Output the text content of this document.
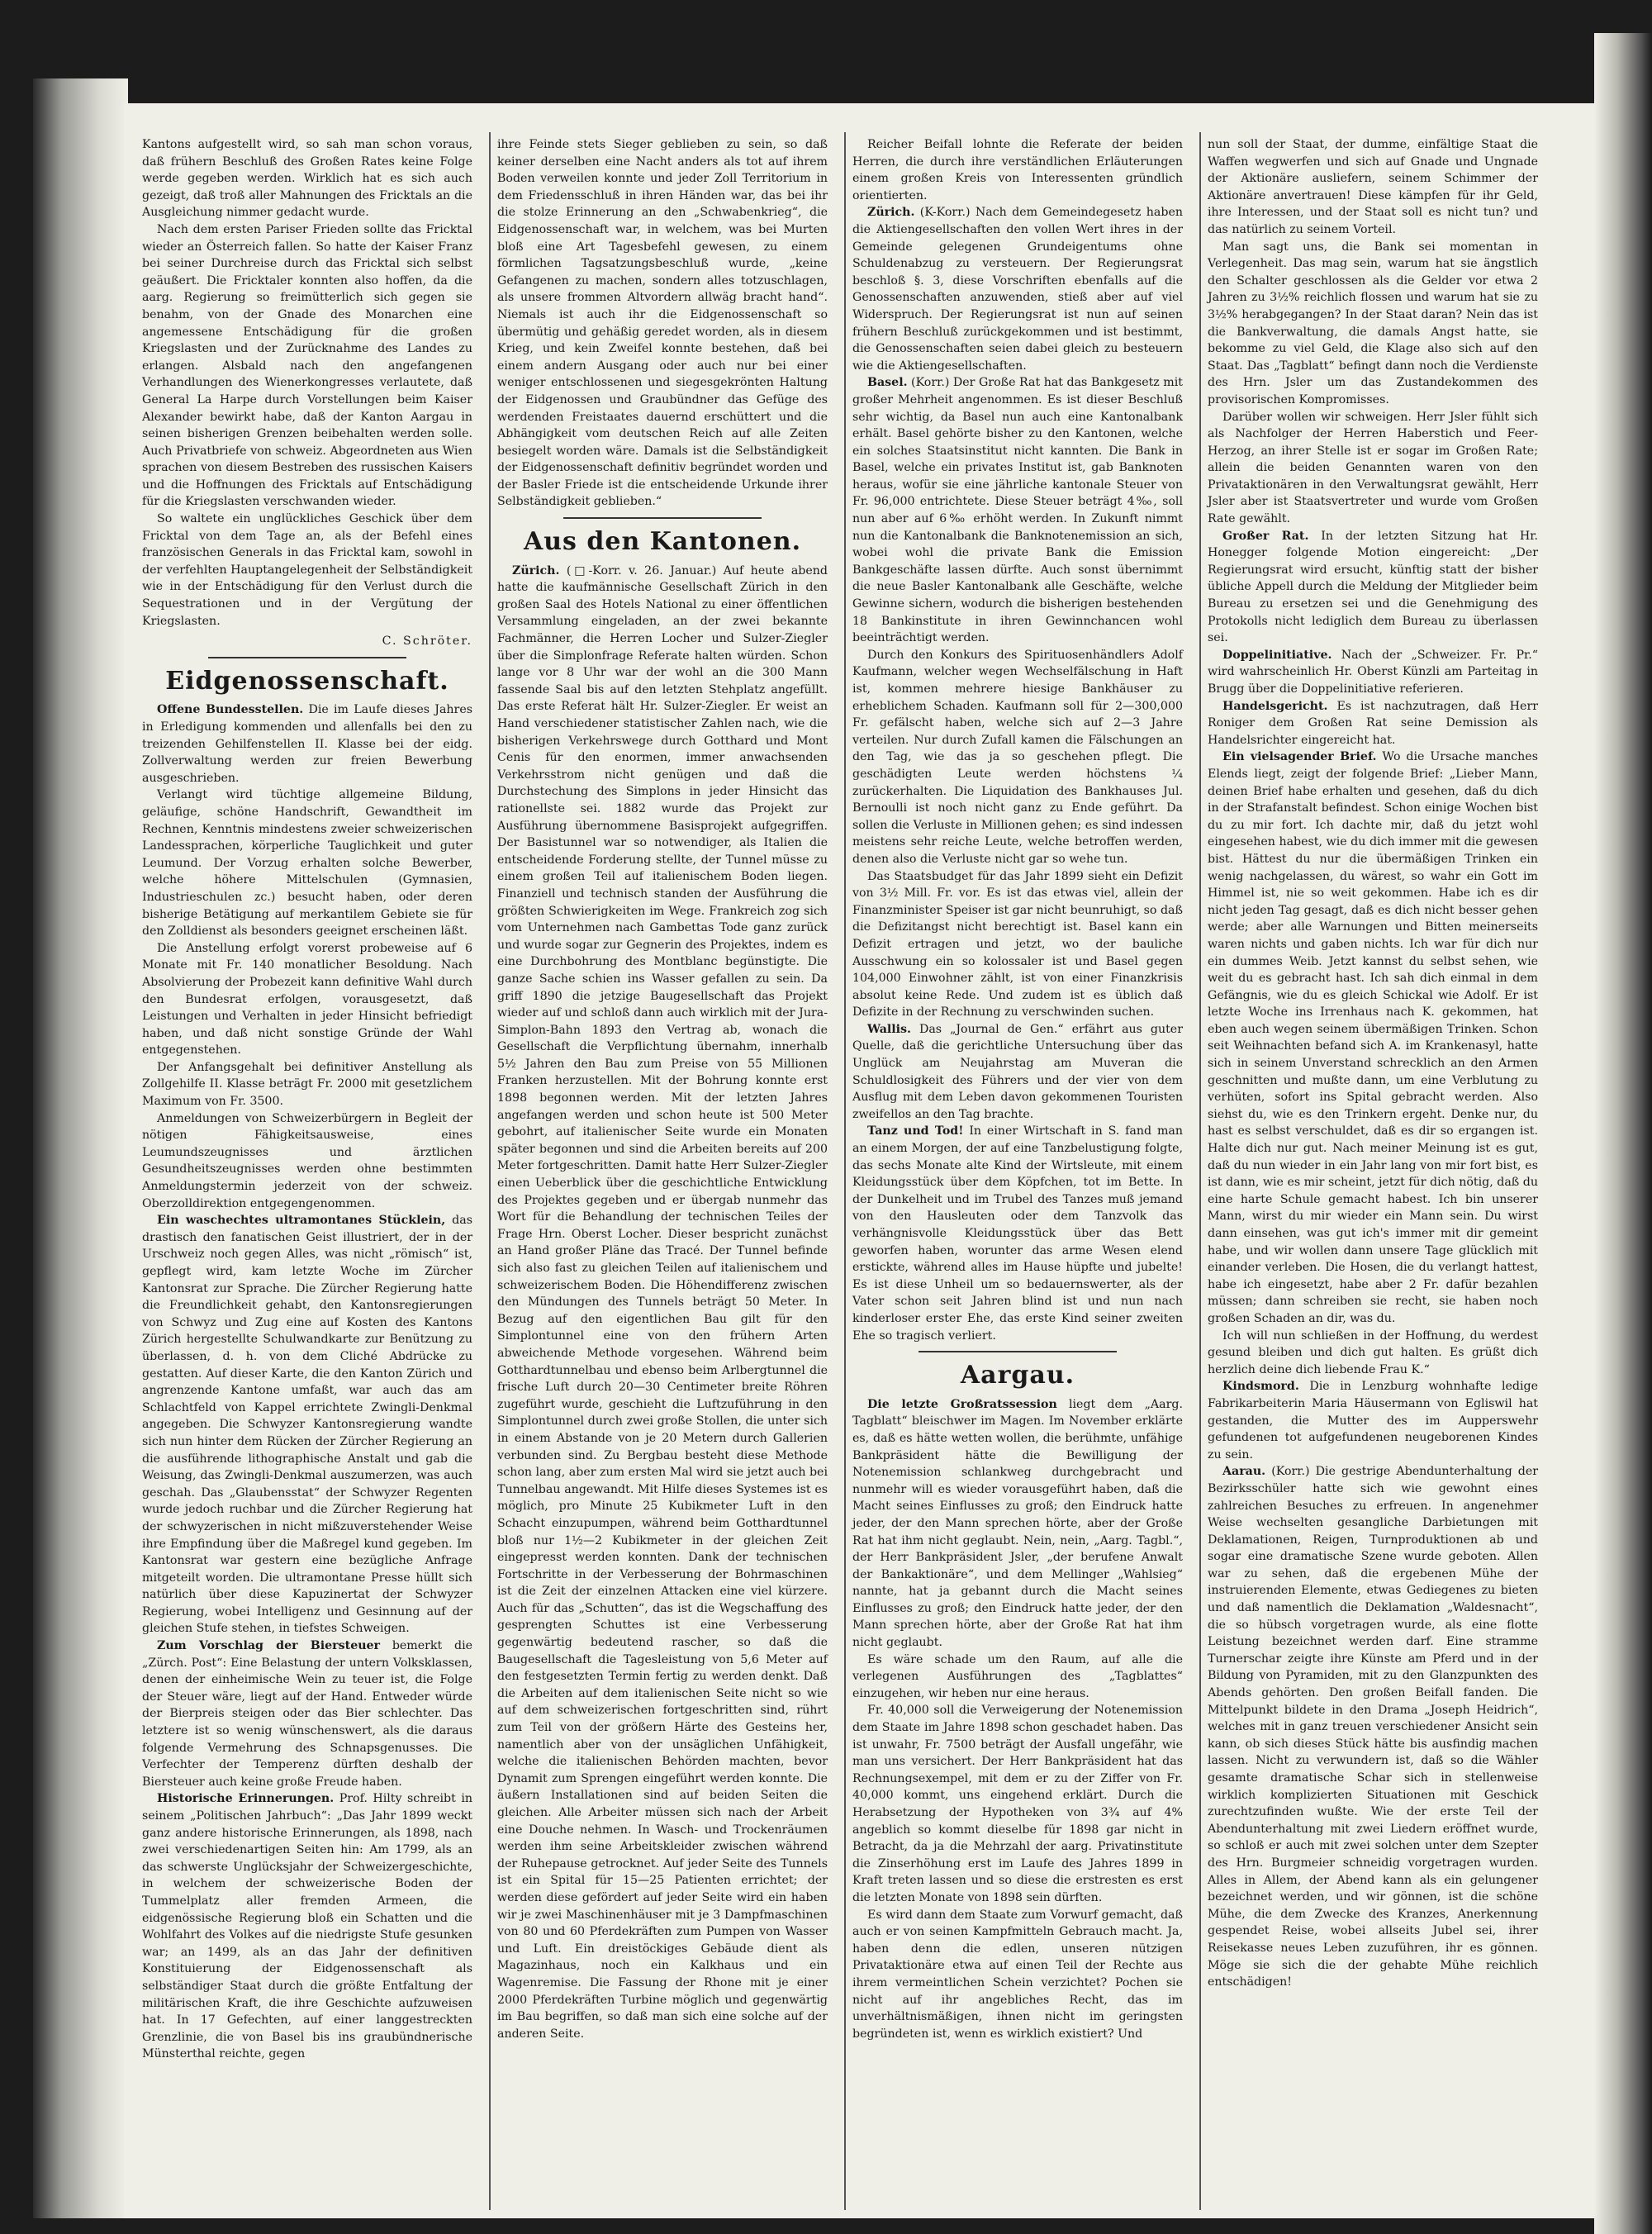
Kantons aufgestellt wird, so sah man schon voraus, daß frühern Beschluß des Großen Rates keine Folge werde gegeben werden. Wirklich hat es sich auch gezeigt, daß troß aller Mahnungen des Fricktals an die Ausgleichung nimmer gedacht wurde.

Nach dem ersten Pariser Frieden sollte das Fricktal wieder an Österreich fallen. So hatte der Kaiser Franz bei seiner Durchreise durch das Fricktal sich selbst geäußert. Die Fricktaler konnten also hoffen, da die aarg. Regierung so freimütterlich sich gegen sie benahm, von der Gnade des Monarchen eine angemessene Entschädigung für die großen Kriegslasten und der Zurücknahme des Landes zu erlangen. Alsbald nach den angefangenen Verhandlungen des Wienerkongresses verlautete, daß General La Harpe durch Vorstellungen beim Kaiser Alexander bewirkt habe, daß der Kanton Aargau in seinen bisherigen Grenzen beibehalten werden solle. Auch Privatbriefe von schweiz. Abgeordneten aus Wien sprachen von diesem Bestreben des russischen Kaisers und die Hoffnungen des Fricktals auf Entschädigung für die Kriegslasten verschwanden wieder.

So waltete ein unglückliches Geschick über dem Fricktal von dem Tage an, als der Befehl eines französischen Generals in das Fricktal kam, sowohl in der verfehlten Hauptangelegenheit der Selbständigkeit wie in der Entschädigung für den Verlust durch die Sequestrationen und in der Vergütung der Kriegslasten.

C. Schröter.
Eidgenossenschaft.

Offene Bundesstellen. Die im Laufe dieses Jahres in Erledigung kommenden und allenfalls bei den zu treizenden Gehilfenstellen II. Klasse bei der eidg. Zollverwaltung werden zur freien Bewerbung ausgeschrieben.

Verlangt wird tüchtige allgemeine Bildung, geläufige, schöne Handschrift, Gewandtheit im Rechnen, Kenntnis mindestens zweier schweizerischen Landessprachen, körperliche Tauglichkeit und guter Leumund. Der Vorzug erhalten solche Bewerber, welche höhere Mittelschulen (Gymnasien, Industrieschulen zc.) besucht haben, oder deren bisherige Betätigung auf merkantilem Gebiete sie für den Zolldienst als besonders geeignet erscheinen läßt.

Die Anstellung erfolgt vorerst probeweise auf 6 Monate mit Fr. 140 monatlicher Besoldung. Nach Absolvierung der Probezeit kann definitive Wahl durch den Bundesrat erfolgen, vorausgesetzt, daß Leistungen und Verhalten in jeder Hinsicht befriedigt haben, und daß nicht sonstige Gründe der Wahl entgegenstehen.

Der Anfangsgehalt bei definitiver Anstellung als Zollgehilfe II. Klasse beträgt Fr. 2000 mit gesetzlichem Maximum von Fr. 3500.

Anmeldungen von Schweizerbürgern in Begleit der nötigen Fähigkeitsausweise, eines Leumundszeugnisses und ärztlichen Gesundheitszeugnisses werden ohne bestimmten Anmeldungstermin jederzeit von der schweiz. Oberzolldirektion entgegengenommen.

Ein waschechtes ultramontanes Stücklein, das drastisch den fanatischen Geist illustriert, der in der Urschweiz noch gegen Alles, was nicht „römisch“ ist, gepflegt wird, kam letzte Woche im Zürcher Kantonsrat zur Sprache. Die Zürcher Regierung hatte die Freundlichkeit gehabt, den Kantonsregierungen von Schwyz und Zug eine auf Kosten des Kantons Zürich hergestellte Schulwandkarte zur Benützung zu überlassen, d. h. von dem Cliché Abdrücke zu gestatten. Auf dieser Karte, die den Kanton Zürich und angrenzende Kantone umfaßt, war auch das am Schlachtfeld von Kappel errichtete Zwingli-Denkmal angegeben. Die Schwyzer Kantonsregierung wandte sich nun hinter dem Rücken der Zürcher Regierung an die ausführende lithographische Anstalt und gab die Weisung, das Zwingli-Denkmal auszumerzen, was auch geschah. Das „Glaubensstat“ der Schwyzer Regenten wurde jedoch ruchbar und die Zürcher Regierung hat der schwyzerischen in nicht mißzuverstehender Weise ihre Empfindung über die Maßregel kund gegeben. Im Kantonsrat war gestern eine bezügliche Anfrage mitgeteilt worden. Die ultramontane Presse hüllt sich natürlich über diese Kapuzinertat der Schwyzer Regierung, wobei Intelligenz und Gesinnung auf der gleichen Stufe stehen, in tiefstes Schweigen.

Zum Vorschlag der Biersteuer bemerkt die „Zürch. Post“: Eine Belastung der untern Volksklassen, denen der einheimische Wein zu teuer ist, die Folge der Steuer wäre, liegt auf der Hand. Entweder würde der Bierpreis steigen oder das Bier schlechter. Das letztere ist so wenig wünschenswert, als die daraus folgende Vermehrung des Schnapsgenusses. Die Verfechter der Temperenz dürften deshalb der Biersteuer auch keine große Freude haben.

Historische Erinnerungen. Prof. Hilty schreibt in seinem „Politischen Jahrbuch“: „Das Jahr 1899 weckt ganz andere historische Erinnerungen, als 1898, nach zwei verschiedenartigen Seiten hin: Am 1799, als an das schwerste Unglücksjahr der Schweizergeschichte, in welchem der schweizerische Boden der Tummelplatz aller fremden Armeen, die eidgenössische Regierung bloß ein Schatten und die Wohlfahrt des Volkes auf die niedrigste Stufe gesunken war; an 1499, als an das Jahr der definitiven Konstituierung der Eidgenossenschaft als selbständiger Staat durch die größte Entfaltung der militärischen Kraft, die ihre Geschichte aufzuweisen hat. In 17 Gefechten, auf einer langgestreckten Grenzlinie, die von Basel bis ins graubündnerische Münsterthal reichte, gegen

ihre Feinde stets Sieger geblieben zu sein, so daß keiner derselben eine Nacht anders als tot auf ihrem Boden verweilen konnte und jeder Zoll Territorium in dem Friedensschluß in ihren Händen war, das bei ihr die stolze Erinnerung an den „Schwabenkrieg“, die Eidgenossenschaft war, in welchem, was bei Murten bloß eine Art Tagesbefehl gewesen, zu einem förmlichen Tagsatzungsbeschluß wurde, „keine Gefangenen zu machen, sondern alles totzuschlagen, als unsere frommen Altvordern allwäg bracht hand“. Niemals ist auch ihr die Eidgenossenschaft so übermütig und gehäßig geredet worden, als in diesem Krieg, und kein Zweifel konnte bestehen, daß bei einem andern Ausgang oder auch nur bei einer weniger entschlossenen und siegesgekrönten Haltung der Eidgenossen und Graubündner das Gefüge des werdenden Freistaates dauernd erschüttert und die Abhängigkeit vom deutschen Reich auf alle Zeiten besiegelt worden wäre. Damals ist die Selbständigkeit der Eidgenossenschaft definitiv begründet worden und der Basler Friede ist die entscheidende Urkunde ihrer Selbständigkeit geblieben.“

Aus den Kantonen.

Zürich. (□-Korr. v. 26. Januar.) Auf heute abend hatte die kaufmännische Gesellschaft Zürich in den großen Saal des Hotels National zu einer öffentlichen Versammlung eingeladen, an der zwei bekannte Fachmänner, die Herren Locher und Sulzer-Ziegler über die Simplonfrage Referate halten würden. Schon lange vor 8 Uhr war der wohl an die 300 Mann fassende Saal bis auf den letzten Stehplatz angefüllt. Das erste Referat hält Hr. Sulzer-Ziegler. Er weist an Hand verschiedener statistischer Zahlen nach, wie die bisherigen Verkehrswege durch Gotthard und Mont Cenis für den enormen, immer anwachsenden Verkehrsstrom nicht genügen und daß die Durchstechung des Simplons in jeder Hinsicht das rationellste sei. 1882 wurde das Projekt zur Ausführung übernommene Basisprojekt aufgegriffen. Der Basistunnel war so notwendiger, als Italien die entscheidende Forderung stellte, der Tunnel müsse zu einem großen Teil auf italienischem Boden liegen. Finanziell und technisch standen der Ausführung die größten Schwierigkeiten im Wege. Frankreich zog sich vom Unternehmen nach Gambettas Tode ganz zurück und wurde sogar zur Gegnerin des Projektes, indem es eine Durchbohrung des Montblanc begünstigte. Die ganze Sache schien ins Wasser gefallen zu sein. Da griff 1890 die jetzige Baugesellschaft das Projekt wieder auf und schloß dann auch wirklich mit der Jura-Simplon-Bahn 1893 den Vertrag ab, wonach die Gesellschaft die Verpflichtung übernahm, innerhalb 5½ Jahren den Bau zum Preise von 55 Millionen Franken herzustellen. Mit der Bohrung konnte erst 1898 begonnen werden. Mit der letzten Jahres angefangen werden und schon heute ist 500 Meter gebohrt, auf italienischer Seite wurde ein Monaten später begonnen und sind die Arbeiten bereits auf 200 Meter fortgeschritten. Damit hatte Herr Sulzer-Ziegler einen Ueberblick über die geschichtliche Entwicklung des Projektes gegeben und er übergab nunmehr das Wort für die Behandlung der technischen Teiles der Frage Hrn. Oberst Locher. Dieser bespricht zunächst an Hand großer Pläne das Tracé. Der Tunnel befinde sich also fast zu gleichen Teilen auf italienischem und schweizerischem Boden. Die Höhendifferenz zwischen den Mündungen des Tunnels beträgt 50 Meter. In Bezug auf den eigentlichen Bau gilt für den Simplontunnel eine von den frühern Arten abweichende Methode vorgesehen. Während beim Gotthardtunnelbau und ebenso beim Arlbergtunnel die frische Luft durch 20—30 Centimeter breite Röhren zugeführt wurde, geschieht die Luftzuführung in den Simplontunnel durch zwei große Stollen, die unter sich in einem Abstande von je 20 Metern durch Gallerien verbunden sind. Zu Bergbau besteht diese Methode schon lang, aber zum ersten Mal wird sie jetzt auch bei Tunnelbau angewandt. Mit Hilfe dieses Systemes ist es möglich, pro Minute 25 Kubikmeter Luft in den Schacht einzupumpen, während beim Gotthardtunnel bloß nur 1½—2 Kubikmeter in der gleichen Zeit eingepresst werden konnten. Dank der technischen Fortschritte in der Verbesserung der Bohrmaschinen ist die Zeit der einzelnen Attacken eine viel kürzere. Auch für das „Schutten“, das ist die Wegschaffung des gesprengten Schuttes ist eine Verbesserung gegenwärtig bedeutend rascher, so daß die Baugesellschaft die Tagesleistung von 5,6 Meter auf den festgesetzten Termin fertig zu werden denkt. Daß die Arbeiten auf dem italienischen Seite nicht so wie auf dem schweizerischen fortgeschritten sind, rührt zum Teil von der größern Härte des Gesteins her, namentlich aber von der unsäglichen Unfähigkeit, welche die italienischen Behörden machten, bevor Dynamit zum Sprengen eingeführt werden konnte. Die äußern Installationen sind auf beiden Seiten die gleichen. Alle Arbeiter müssen sich nach der Arbeit eine Douche nehmen. In Wasch- und Trockenräumen werden ihm seine Arbeitskleider zwischen während der Ruhepause getrocknet. Auf jeder Seite des Tunnels ist ein Spital für 15—25 Patienten errichtet; der werden diese gefördert auf jeder Seite wird ein haben wir je zwei Maschinenhäuser mit je 3 Dampfmaschinen von 80 und 60 Pferdekräften zum Pumpen von Wasser und Luft. Ein dreistöckiges Gebäude dient als Magazinhaus, noch ein Kalkhaus und ein Wagenremise. Die Fassung der Rhone mit je einer 2000 Pferdekräften Turbine möglich und gegenwärtig im Bau begriffen, so daß man sich eine solche auf der anderen Seite.

Reicher Beifall lohnte die Referate der beiden Herren, die durch ihre verständlichen Erläuterungen einem großen Kreis von Interessenten gründlich orientierten.

Zürich. (K-Korr.) Nach dem Gemeindegesetz haben die Aktiengesellschaften den vollen Wert ihres in der Gemeinde gelegenen Grundeigentums ohne Schuldenabzug zu versteuern. Der Regierungsrat beschloß §. 3, diese Vorschriften ebenfalls auf die Genossenschaften anzuwenden, stieß aber auf viel Widerspruch. Der Regierungsrat ist nun auf seinen frühern Beschluß zurückgekommen und ist bestimmt, die Genossenschaften seien dabei gleich zu besteuern wie die Aktiengesellschaften.

Basel. (Korr.) Der Große Rat hat das Bankgesetz mit großer Mehrheit angenommen. Es ist dieser Beschluß sehr wichtig, da Basel nun auch eine Kantonalbank erhält. Basel gehörte bisher zu den Kantonen, welche ein solches Staatsinstitut nicht kannten. Die Bank in Basel, welche ein privates Institut ist, gab Banknoten heraus, wofür sie eine jährliche kantonale Steuer von Fr. 96,000 entrichtete. Diese Steuer beträgt 4‰, soll nun aber auf 6‰ erhöht werden. In Zukunft nimmt nun die Kantonalbank die Banknotenemission an sich, wobei wohl die private Bank die Emission Bankgeschäfte lassen dürfte. Auch sonst übernimmt die neue Basler Kantonalbank alle Geschäfte, welche Gewinne sichern, wodurch die bisherigen bestehenden 18 Bankinstitute in ihren Gewinnchancen wohl beeinträchtigt werden.

Durch den Konkurs des Spirituosenhändlers Adolf Kaufmann, welcher wegen Wechselfälschung in Haft ist, kommen mehrere hiesige Bankhäuser zu erheblichem Schaden. Kaufmann soll für 2—300,000 Fr. gefälscht haben, welche sich auf 2—3 Jahre verteilen. Nur durch Zufall kamen die Fälschungen an den Tag, wie das ja so geschehen pflegt. Die geschädigten Leute werden höchstens ¼ zurückerhalten. Die Liquidation des Bankhauses Jul. Bernoulli ist noch nicht ganz zu Ende geführt. Da sollen die Verluste in Millionen gehen; es sind indessen meistens sehr reiche Leute, welche betroffen werden, denen also die Verluste nicht gar so wehe tun.

Das Staatsbudget für das Jahr 1899 sieht ein Defizit von 3½ Mill. Fr. vor. Es ist das etwas viel, allein der Finanzminister Speiser ist gar nicht beunruhigt, so daß die Defizitangst nicht berechtigt ist. Basel kann ein Defizit ertragen und jetzt, wo der bauliche Ausschwung ein so kolossaler ist und Basel gegen 104,000 Einwohner zählt, ist von einer Finanzkrisis absolut keine Rede. Und zudem ist es üblich daß Defizite in der Rechnung zu verschwinden suchen.

Wallis. Das „Journal de Gen.“ erfährt aus guter Quelle, daß die gerichtliche Untersuchung über das Unglück am Neujahrstag am Muveran die Schuldlosigkeit des Führers und der vier von dem Ausflug mit dem Leben davon gekommenen Touristen zweifellos an den Tag brachte.

Tanz und Tod! In einer Wirtschaft in S. fand man an einem Morgen, der auf eine Tanzbelustigung folgte, das sechs Monate alte Kind der Wirtsleute, mit einem Kleidungsstück über dem Köpfchen, tot im Bette. In der Dunkelheit und im Trubel des Tanzes muß jemand von den Hausleuten oder dem Tanzvolk das verhängnisvolle Kleidungsstück über das Bett geworfen haben, worunter das arme Wesen elend erstickte, während alles im Hause hüpfte und jubelte! Es ist diese Unheil um so bedauernswerter, als der Vater schon seit Jahren blind ist und nun nach kinderloser erster Ehe, das erste Kind seiner zweiten Ehe so tragisch verliert.

Aargau.

Die letzte Großratssession liegt dem „Aarg. Tagblatt“ bleischwer im Magen. Im November erklärte es, daß es hätte wetten wollen, die berühmte, unfähige Bankpräsident hätte die Bewilligung der Notenemission schlankweg durchgebracht und nunmehr will es wieder vorausgeführt haben, daß die Macht seines Einflusses zu groß; den Eindruck hatte jeder, der den Mann sprechen hörte, aber der Große Rat hat ihm nicht geglaubt. Nein, nein, „Aarg. Tagbl.“, der Herr Bankpräsident Jsler, „der berufene Anwalt der Bankaktionäre“, und dem Mellinger „Wahlsieg“ nannte, hat ja gebannt durch die Macht seines Einflusses zu groß; den Eindruck hatte jeder, der den Mann sprechen hörte, aber der Große Rat hat ihm nicht geglaubt.

Es wäre schade um den Raum, auf alle die verlegenen Ausführungen des „Tagblattes“ einzugehen, wir heben nur eine heraus.

Fr. 40,000 soll die Verweigerung der Notenemission dem Staate im Jahre 1898 schon geschadet haben. Das ist unwahr, Fr. 7500 beträgt der Ausfall ungefähr, wie man uns versichert. Der Herr Bankpräsident hat das Rechnungsexempel, mit dem er zu der Ziffer von Fr. 40,000 kommt, uns eingehend erklärt. Durch die Herabsetzung der Hypotheken von 3¾ auf 4% angeblich so kommt dieselbe für 1898 gar nicht in Betracht, da ja die Mehrzahl der aarg. Privatinstitute die Zinserhöhung erst im Laufe des Jahres 1899 in Kraft treten lassen und so diese die erstresten es erst die letzten Monate von 1898 sein dürften.

Es wird dann dem Staate zum Vorwurf gemacht, daß auch er von seinen Kampfmitteln Gebrauch macht. Ja, haben denn die edlen, unseren nützigen Privataktionäre etwa auf einen Teil der Rechte aus ihrem vermeintlichen Schein verzichtet? Pochen sie nicht auf ihr angebliches Recht, das im unverhältnismäßigen, ihnen nicht im geringsten begründeten ist, wenn es wirklich existiert? Und

nun soll der Staat, der dumme, einfältige Staat die Waffen wegwerfen und sich auf Gnade und Ungnade der Aktionäre ausliefern, seinem Schimmer der Aktionäre anvertrauen! Diese kämpfen für ihr Geld, ihre Interessen, und der Staat soll es nicht tun? und das natürlich zu seinem Vorteil.

Man sagt uns, die Bank sei momentan in Verlegenheit. Das mag sein, warum hat sie ängstlich den Schalter geschlossen als die Gelder vor etwa 2 Jahren zu 3½% reichlich flossen und warum hat sie zu 3½% herabgegangen? In der Staat daran? Nein das ist die Bankverwaltung, die damals Angst hatte, sie bekomme zu viel Geld, die Klage also sich auf den Staat. Das „Tagblatt“ befingt dann noch die Verdienste des Hrn. Jsler um das Zustandekommen des provisorischen Kompromisses.

Darüber wollen wir schweigen. Herr Jsler fühlt sich als Nachfolger der Herren Haberstich und Feer-Herzog, an ihrer Stelle ist er sogar im Großen Rate; allein die beiden Genannten waren von den Privataktionären in den Verwaltungsrat gewählt, Herr Jsler aber ist Staatsvertreter und wurde vom Großen Rate gewählt.

Großer Rat. In der letzten Sitzung hat Hr. Honegger folgende Motion eingereicht: „Der Regierungsrat wird ersucht, künftig statt der bisher übliche Appell durch die Meldung der Mitglieder beim Bureau zu ersetzen sei und die Genehmigung des Protokolls nicht lediglich dem Bureau zu überlassen sei.

Doppelinitiative. Nach der „Schweizer. Fr. Pr.“ wird wahrscheinlich Hr. Oberst Künzli am Parteitag in Brugg über die Doppelinitiative referieren.

Handelsgericht. Es ist nachzutragen, daß Herr Roniger dem Großen Rat seine Demission als Handelsrichter eingereicht hat.

Ein vielsagender Brief. Wo die Ursache manches Elends liegt, zeigt der folgende Brief: „Lieber Mann, deinen Brief habe erhalten und gesehen, daß du dich in der Strafanstalt befindest. Schon einige Wochen bist du zu mir fort. Ich dachte mir, daß du jetzt wohl eingesehen habest, wie du dich immer mit die gewesen bist. Hättest du nur die übermäßigen Trinken ein wenig nachgelassen, du wärest, so wahr ein Gott im Himmel ist, nie so weit gekommen. Habe ich es dir nicht jeden Tag gesagt, daß es dich nicht besser gehen werde; aber alle Warnungen und Bitten meinerseits waren nichts und gaben nichts. Ich war für dich nur ein dummes Weib. Jetzt kannst du selbst sehen, wie weit du es gebracht hast. Ich sah dich einmal in dem Gefängnis, wie du es gleich Schickal wie Adolf. Er ist letzte Woche ins Irrenhaus nach K. gekommen, hat eben auch wegen seinem übermäßigen Trinken. Schon seit Weihnachten befand sich A. im Krankenasyl, hatte sich in seinem Unverstand schrecklich an den Armen geschnitten und mußte dann, um eine Verblutung zu verhüten, sofort ins Spital gebracht werden. Also siehst du, wie es den Trinkern ergeht. Denke nur, du hast es selbst verschuldet, daß es dir so ergangen ist. Halte dich nur gut. Nach meiner Meinung ist es gut, daß du nun wieder in ein Jahr lang von mir fort bist, es ist dann, wie es mir scheint, jetzt für dich nötig, daß du eine harte Schule gemacht habest. Ich bin unserer Mann, wirst du mir wieder ein Mann sein. Du wirst dann einsehen, was gut ich's immer mit dir gemeint habe, und wir wollen dann unsere Tage glücklich mit einander verleben. Die Hosen, die du verlangt hattest, habe ich eingesetzt, habe aber 2 Fr. dafür bezahlen müssen; dann schreiben sie recht, sie haben noch großen Schaden an dir, was du.

Ich will nun schließen in der Hoffnung, du werdest gesund bleiben und dich gut halten. Es grüßt dich herzlich deine dich liebende Frau K.“

Kindsmord. Die in Lenzburg wohnhafte ledige Fabrikarbeiterin Maria Häusermann von Egliswil hat gestanden, die Mutter des im Aupperswehr gefundenen tot aufgefundenen neugeborenen Kindes zu sein.

Aarau. (Korr.) Die gestrige Abendunterhaltung der Bezirksschüler hatte sich wie gewohnt eines zahlreichen Besuches zu erfreuen. In angenehmer Weise wechselten gesangliche Darbietungen mit Deklamationen, Reigen, Turnproduktionen ab und sogar eine dramatische Szene wurde geboten. Allen war zu sehen, daß die ergebenen Mühe der instruierenden Elemente, etwas Gediegenes zu bieten und daß namentlich die Deklamation „Waldesnacht“, die so hübsch vorgetragen wurde, als eine flotte Leistung bezeichnet werden darf. Eine stramme Turnerschar zeigte ihre Künste am Pferd und in der Bildung von Pyramiden, mit zu den Glanzpunkten des Abends gehörten. Den großen Beifall fanden. Die Mittelpunkt bildete in den Drama „Joseph Heidrich“, welches mit in ganz treuen verschiedener Ansicht sein kann, ob sich dieses Stück hätte bis ausfindig machen lassen. Nicht zu verwundern ist, daß so die Wähler gesamte dramatische Schar sich in stellenweise wirklich komplizierten Situationen mit Geschick zurechtzufinden wußte. Wie der erste Teil der Abendunterhaltung mit zwei Liedern eröffnet wurde, so schloß er auch mit zwei solchen unter dem Szepter des Hrn. Burgmeier schneidig vorgetragen wurden. Alles in Allem, der Abend kann als ein gelungener bezeichnet werden, und wir gönnen, ist die schöne Mühe, die dem Zwecke des Kranzes, Anerkennung gespendet Reise, wobei allseits Jubel sei, ihrer Reisekasse neues Leben zuzuführen, ihr es gönnen. Möge sie sich die der gehabte Mühe reichlich entschädigen!
